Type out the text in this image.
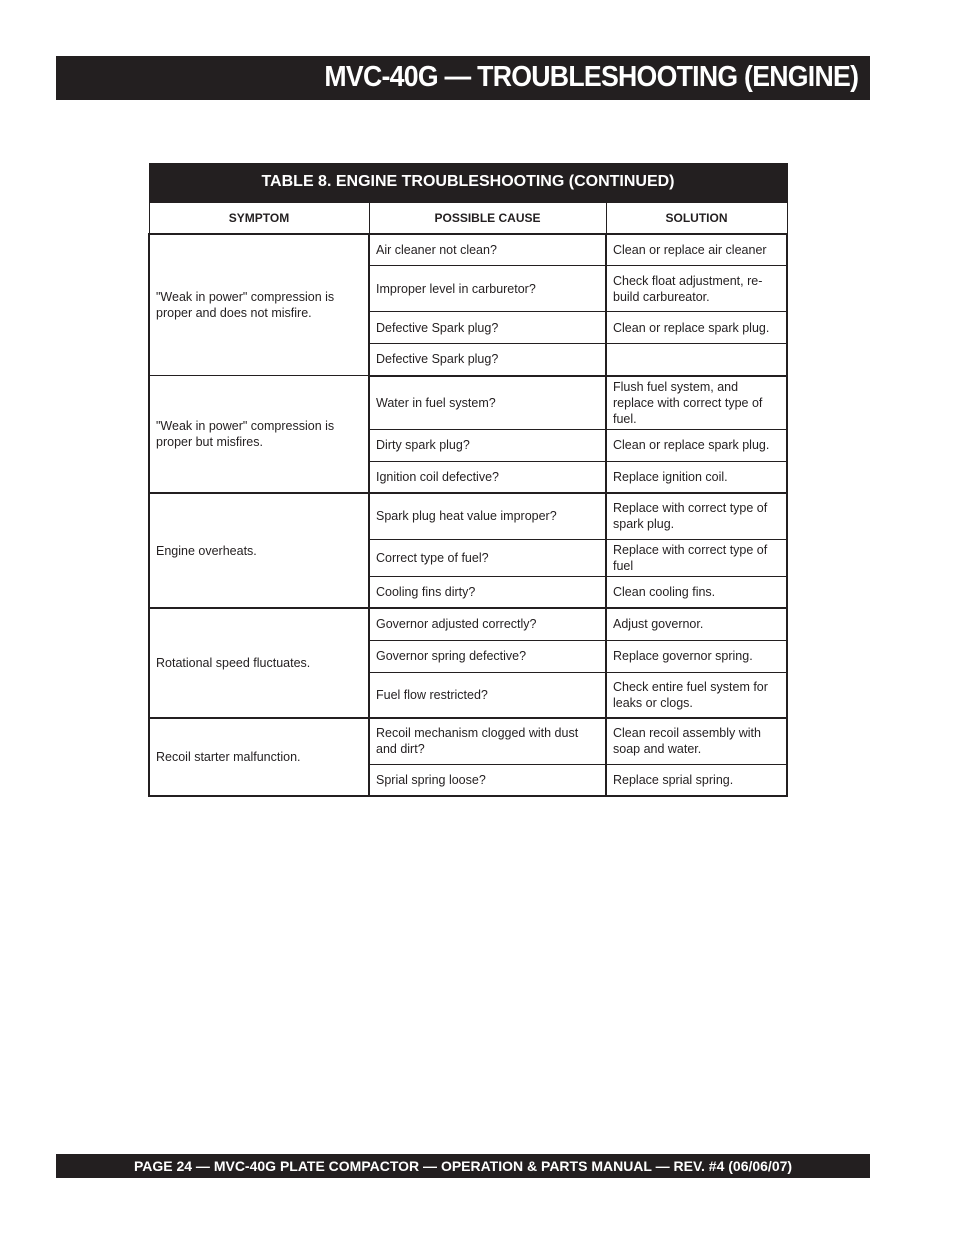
MVC-40G — TROUBLESHOOTING (ENGINE)
TABLE 8. ENGINE TROUBLESHOOTING (CONTINUED)		
SYMPTOM	POSSIBLE CAUSE	SOLUTION
"Weak in power" compression is proper and does not misfire.	Air cleaner not clean?	Clean or replace air cleaner
	Improper level in carburetor?	Check float adjustment, re-build carbureator.
	Defective Spark plug?	Clean or replace spark plug.
	Defective Spark plug?	
"Weak in power" compression is proper but misfires.	Water in fuel system?	Flush fuel system, and replace with correct type of fuel.
	Dirty spark plug?	Clean or replace spark plug.
	Ignition coil defective?	Replace ignition coil.
Engine overheats.	Spark plug heat value improper?	Replace with correct type of spark plug.
	Correct type of fuel?	Replace with correct type of fuel
	Cooling fins dirty?	Clean cooling fins.
Rotational speed fluctuates.	Governor adjusted correctly?	Adjust governor.
	Governor spring defective?	Replace governor spring.
	Fuel flow restricted?	Check entire fuel system for leaks or clogs.
Recoil starter malfunction.	Recoil mechanism clogged with dust and dirt?	Clean recoil assembly with soap and water.
	Sprial spring loose?	Replace sprial spring.
PAGE 24 — MVC-40G PLATE COMPACTOR — OPERATION & PARTS MANUAL — REV. #4 (06/06/07)
